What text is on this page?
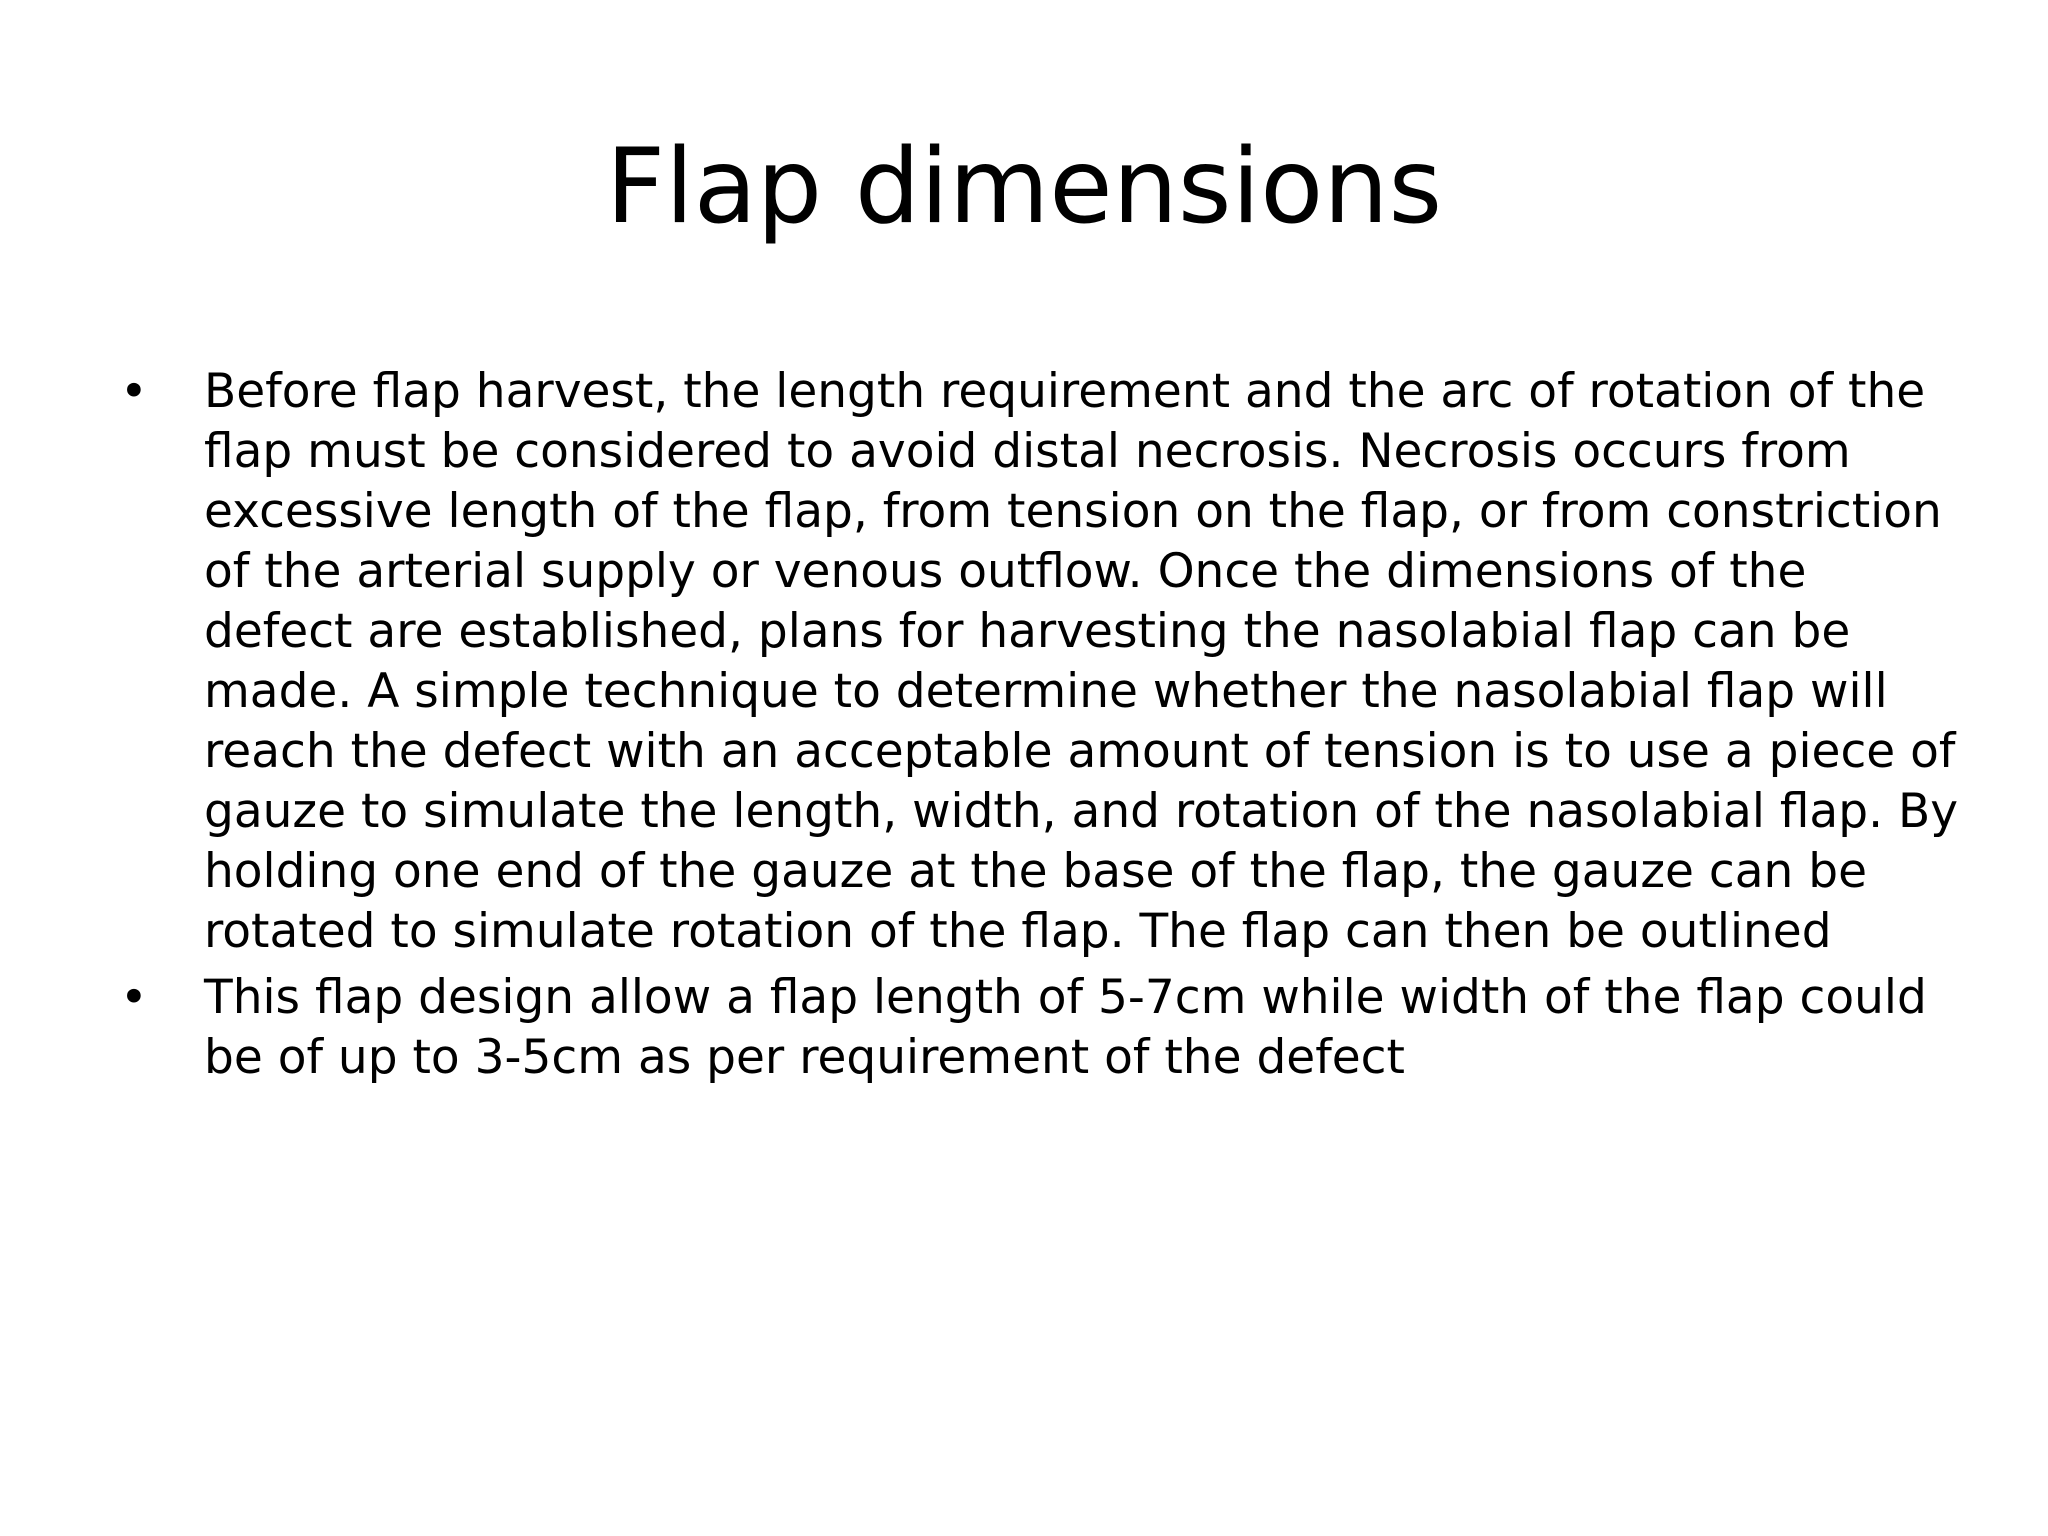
Flap dimensions
• Before flap harvest, the length requirement and the arc of rotation of the flap must be considered to avoid distal necrosis. Necrosis occurs from excessive length of the flap, from tension on the flap, or from constriction of the arterial supply or venous outflow. Once the dimensions of the defect are established, plans for harvesting the nasolabial flap can be made. A simple technique to determine whether the nasolabial flap will reach the defect with an acceptable amount of tension is to use a piece of gauze to simulate the length, width, and rotation of the nasolabial flap. By holding one end of the gauze at the base of the flap, the gauze can be rotated to simulate rotation of the flap. The flap can then be outlined
• This flap design allow a flap length of 5-7cm while width of the flap could be of up to 3-5cm as per requirement of the defect
